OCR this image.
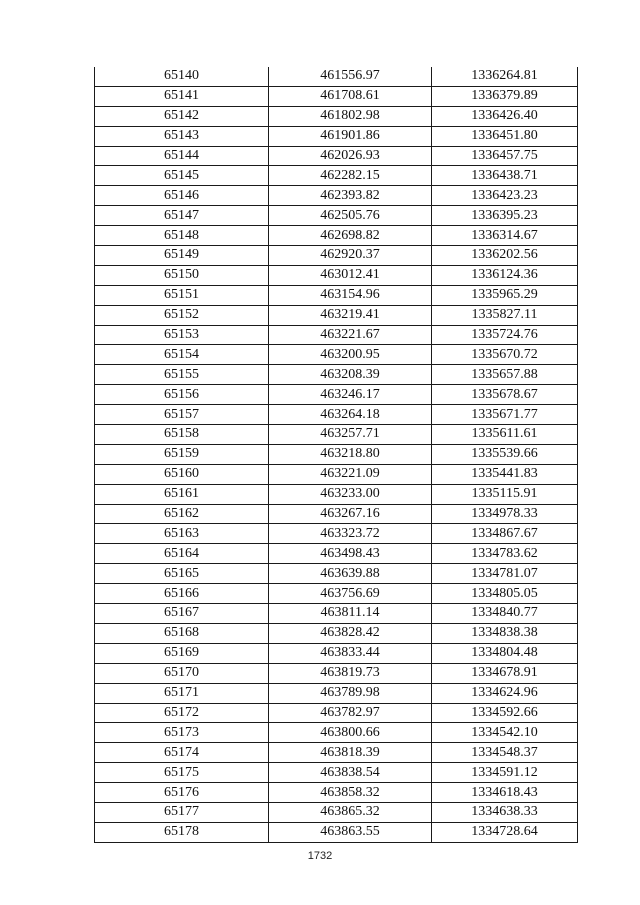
65140	461556.97	1336264.81
65141	461708.61	1336379.89
65142	461802.98	1336426.40
65143	461901.86	1336451.80
65144	462026.93	1336457.75
65145	462282.15	1336438.71
65146	462393.82	1336423.23
65147	462505.76	1336395.23
65148	462698.82	1336314.67
65149	462920.37	1336202.56
65150	463012.41	1336124.36
65151	463154.96	1335965.29
65152	463219.41	1335827.11
65153	463221.67	1335724.76
65154	463200.95	1335670.72
65155	463208.39	1335657.88
65156	463246.17	1335678.67
65157	463264.18	1335671.77
65158	463257.71	1335611.61
65159	463218.80	1335539.66
65160	463221.09	1335441.83
65161	463233.00	1335115.91
65162	463267.16	1334978.33
65163	463323.72	1334867.67
65164	463498.43	1334783.62
65165	463639.88	1334781.07
65166	463756.69	1334805.05
65167	463811.14	1334840.77
65168	463828.42	1334838.38
65169	463833.44	1334804.48
65170	463819.73	1334678.91
65171	463789.98	1334624.96
65172	463782.97	1334592.66
65173	463800.66	1334542.10
65174	463818.39	1334548.37
65175	463838.54	1334591.12
65176	463858.32	1334618.43
65177	463865.32	1334638.33
65178	463863.55	1334728.64
1732
